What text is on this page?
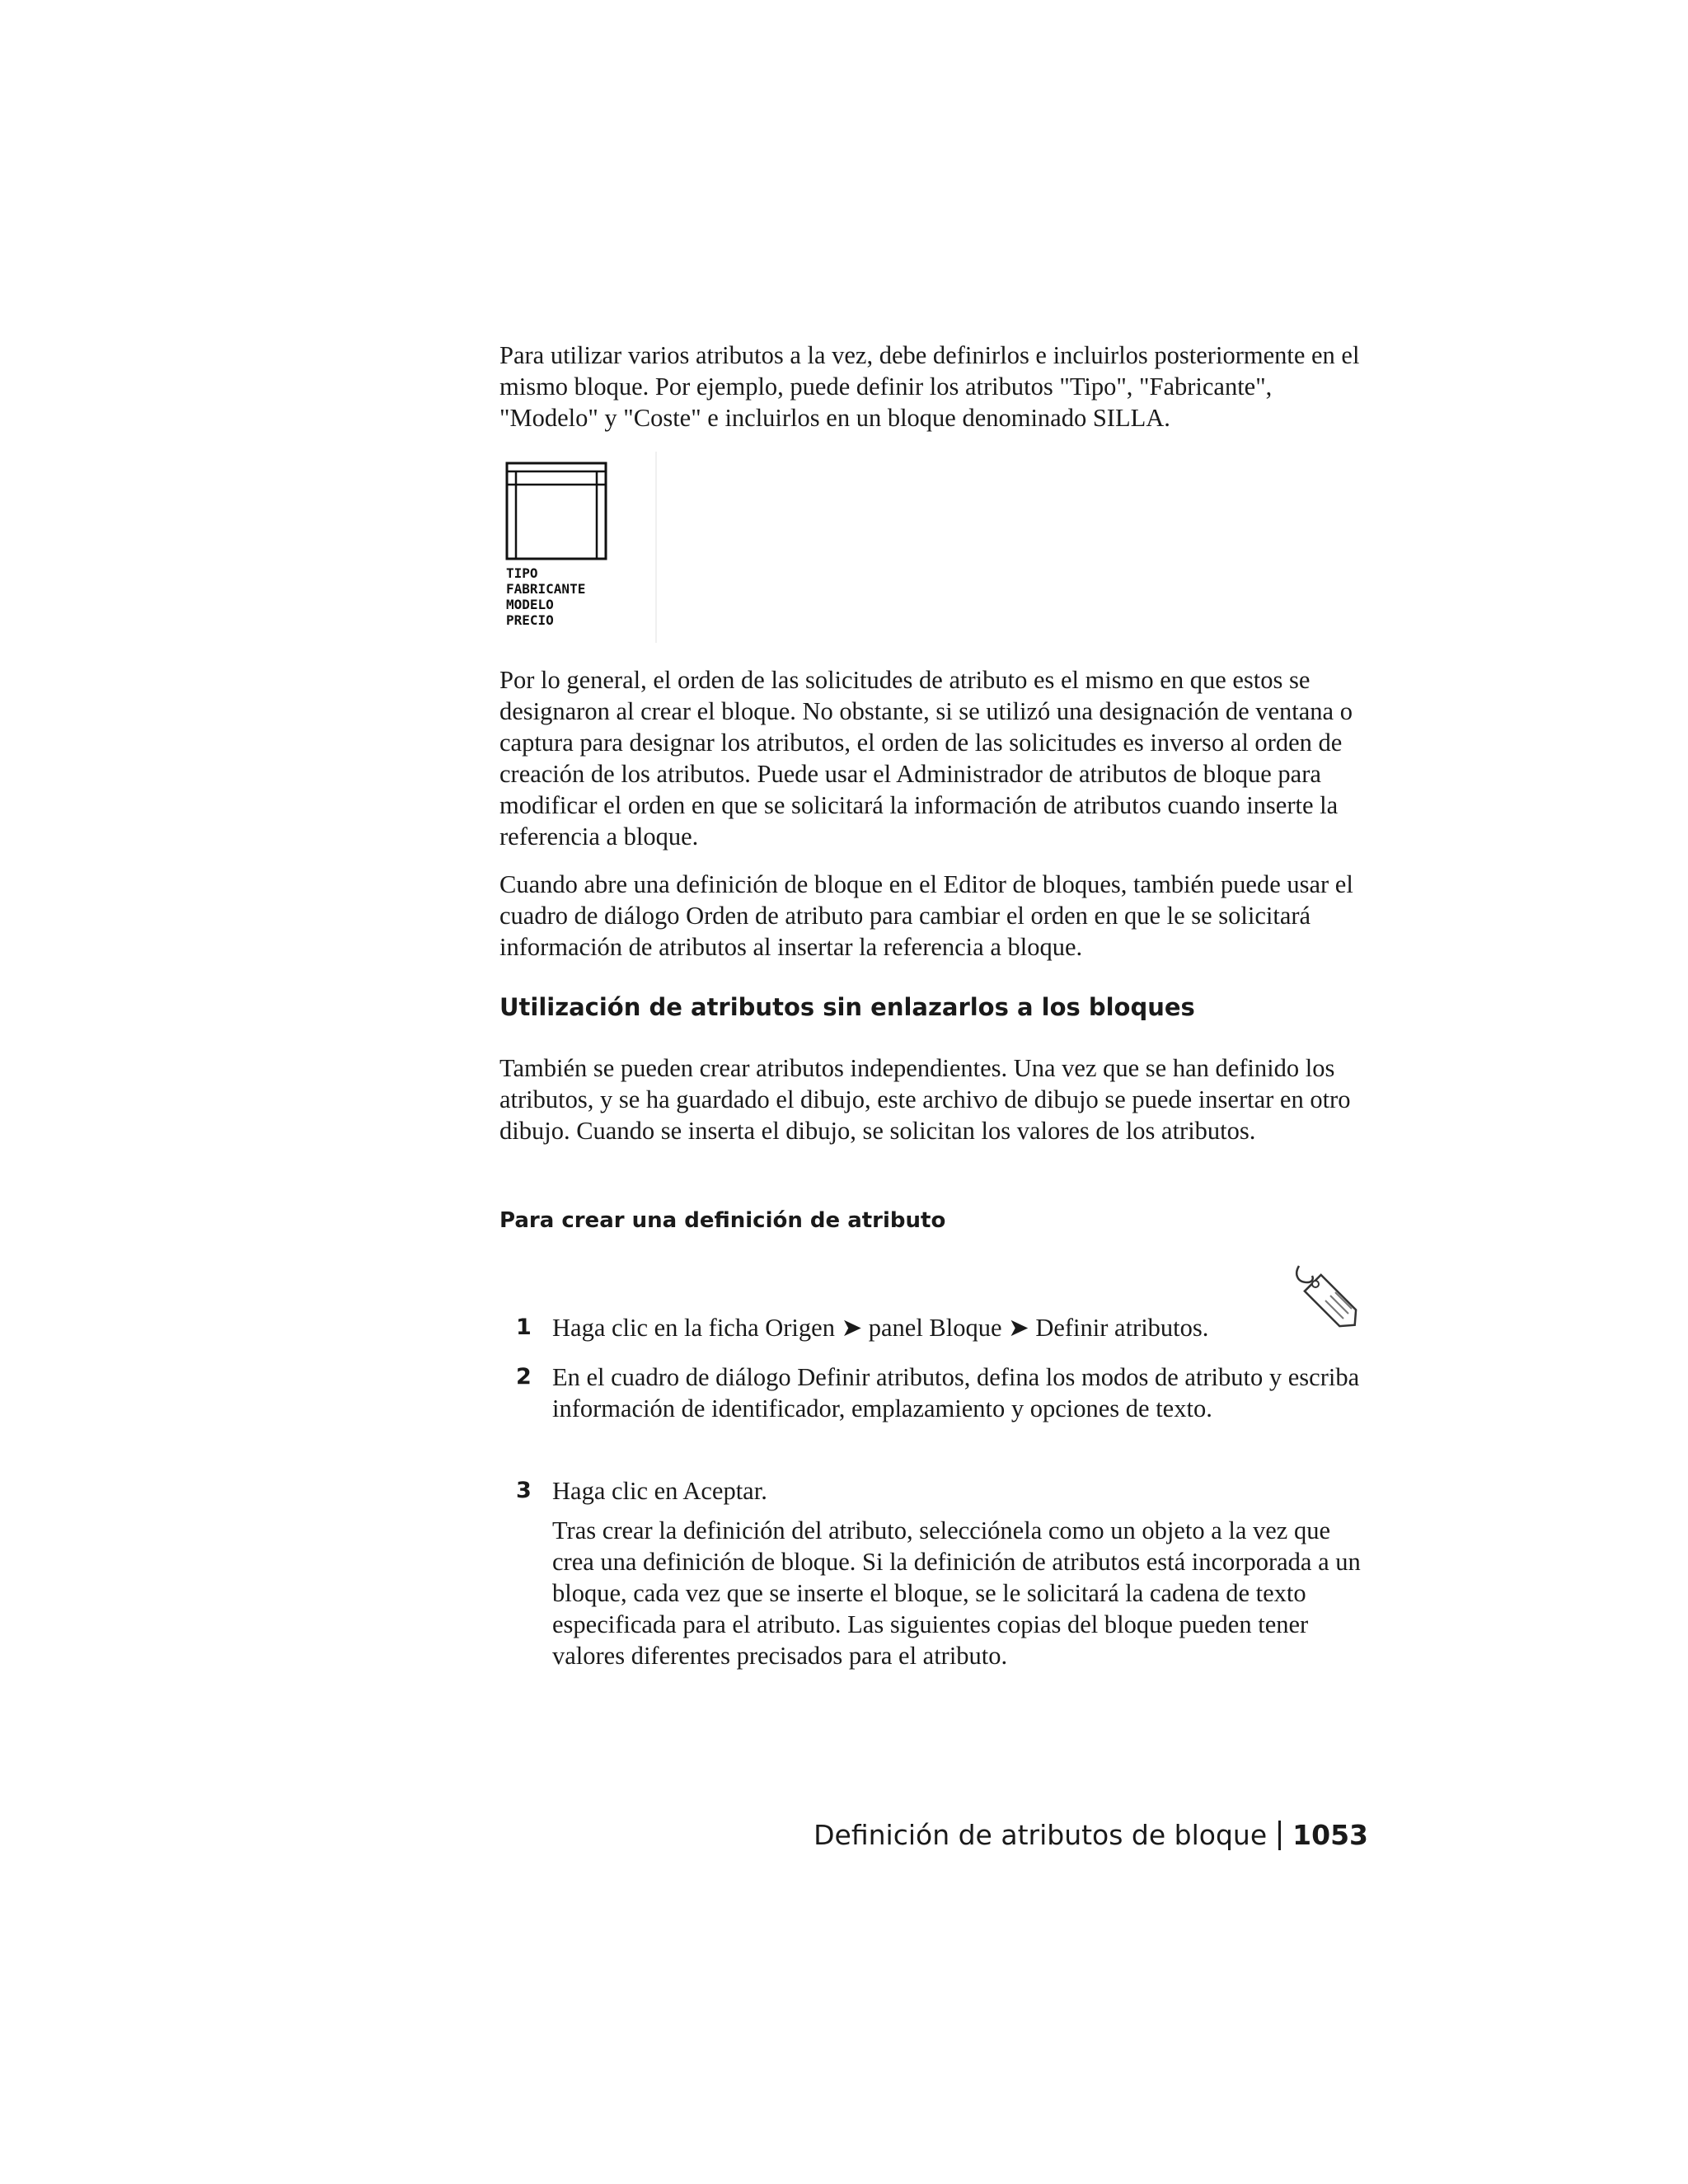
Para utilizar varios atributos a la vez, debe definirlos e incluirlos posteriormente en el mismo bloque. Por ejemplo, puede definir los atributos "Tipo", "Fabricante", "Modelo" y "Coste" e incluirlos en un bloque denominado SILLA.

TIPO
FABRICANTE
MODELO
PRECIO

Por lo general, el orden de las solicitudes de atributo es el mismo en que estos se designaron al crear el bloque. No obstante, si se utilizó una designación de ventana o captura para designar los atributos, el orden de las solicitudes es inverso al orden de creación de los atributos. Puede usar el Administrador de atributos de bloque para modificar el orden en que se solicitará la información de atributos cuando inserte la referencia a bloque.

Cuando abre una definición de bloque en el Editor de bloques, también puede usar el cuadro de diálogo Orden de atributo para cambiar el orden en que le se solicitará información de atributos al insertar la referencia a bloque.

Utilización de atributos sin enlazarlos a los bloques

También se pueden crear atributos independientes. Una vez que se han definido los atributos, y se ha guardado el dibujo, este archivo de dibujo se puede insertar en otro dibujo. Cuando se inserta el dibujo, se solicitan los valores de los atributos.

Para crear una definición de atributo
1 Haga clic en la ficha Origen ➤ panel Bloque ➤ Definir atributos.

2 En el cuadro de diálogo Definir atributos, defina los modos de atributo y escriba información de identificador, emplazamiento y opciones de texto.

3 Haga clic en Aceptar.

Tras crear la definición del atributo, selecciónela como un objeto a la vez que crea una definición de bloque. Si la definición de atributos está incorporada a un bloque, cada vez que se inserte el bloque, se le solicitará la cadena de texto especificada para el atributo. Las siguientes copias del bloque pueden tener valores diferentes precisados para el atributo.

Definición de atributos de bloque 1053
